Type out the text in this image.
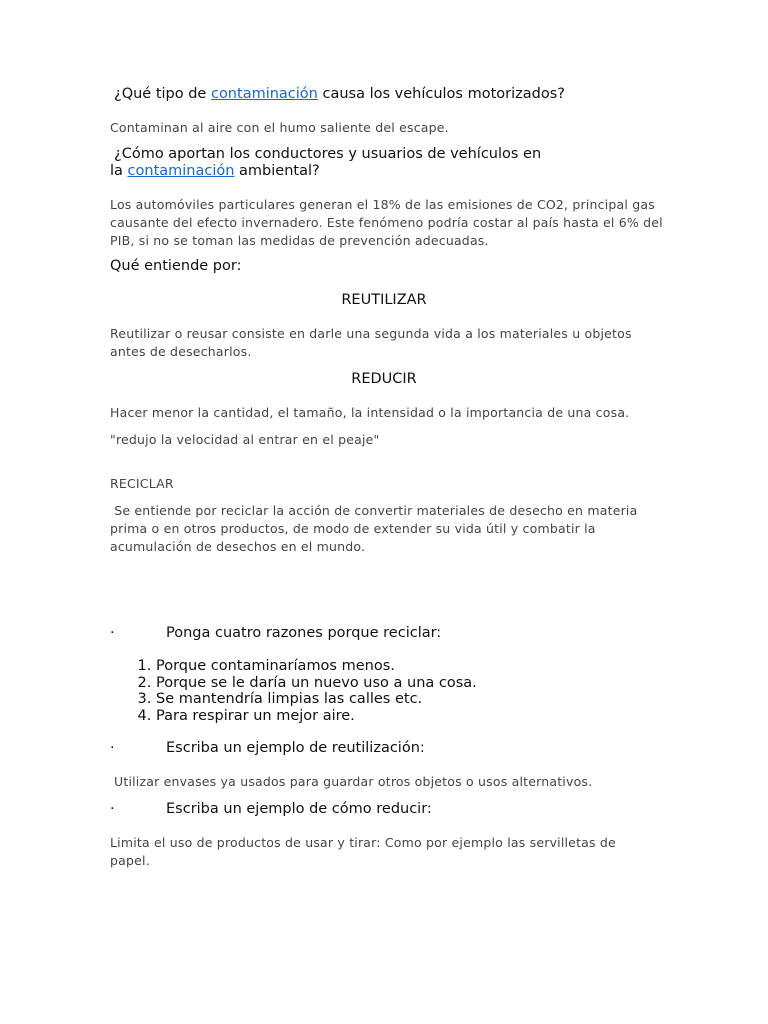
¿Qué tipo de contaminación causa los vehículos motorizados?
Contaminan al aire con el humo saliente del escape.
¿Cómo aportan los conductores y usuarios de vehículos en
la contaminación ambiental?
Los automóviles particulares generan el 18% de las emisiones de CO2, principal gas causante del efecto invernadero. Este fenómeno podría costar al país hasta el 6% del PIB, si no se toman las medidas de prevención adecuadas.
Qué entiende por:
REUTILIZAR
Reutilizar o reusar consiste en darle una segunda vida a los materiales u objetos antes de desecharlos.
REDUCIR
Hacer menor la cantidad, el tamaño, la intensidad o la importancia de una cosa.
"redujo la velocidad al entrar en el peaje"
RECICLAR
Se entiende por reciclar la acción de convertir materiales de desecho en materia prima o en otros productos, de modo de extender su vida útil y combatir la acumulación de desechos en el mundo.
·	Ponga cuatro razones porque reciclar:
1. Porque contaminaríamos menos.
2. Porque se le daría un nuevo uso a una cosa.
3. Se mantendría limpias las calles etc.
4. Para respirar un mejor aire.
·	Escriba un ejemplo de reutilización:
Utilizar envases ya usados para guardar otros objetos o usos alternativos.
·	Escriba un ejemplo de cómo reducir:
Limita el uso de productos de usar y tirar: Como por ejemplo las servilletas de papel.
